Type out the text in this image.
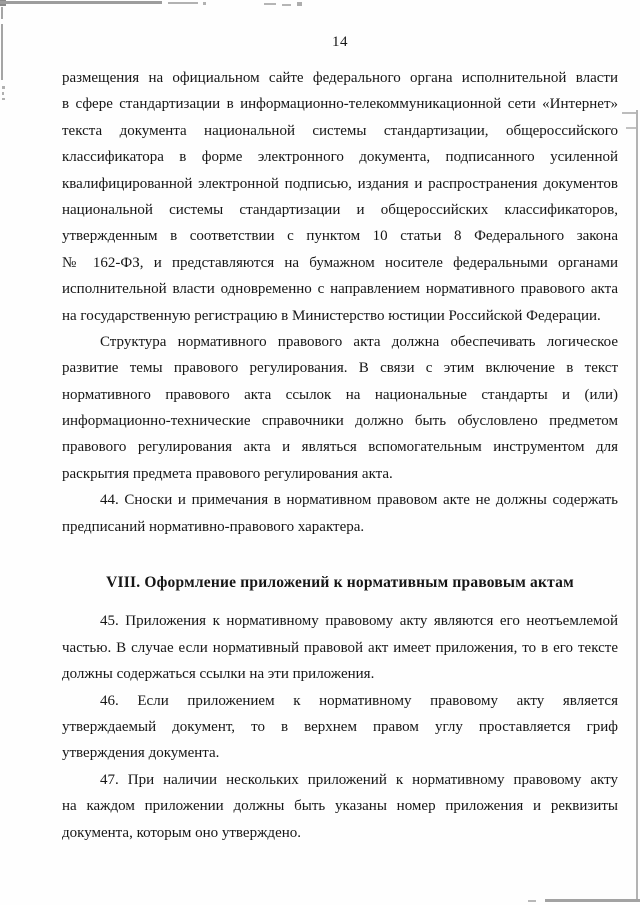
14
размещения на официальном сайте федерального органа исполнительной власти
в сфере стандартизации в информационно-телекоммуникационной сети «Интернет»
текста документа национальной системы стандартизации, общероссийского
классификатора в форме электронного документа, подписанного усиленной
квалифицированной электронной подписью, издания и распространения документов
национальной системы стандартизации и общероссийских классификаторов,
утвержденным в соответствии с пунктом 10 статьи 8 Федерального закона
№ 162-ФЗ, и представляются на бумажном носителе федеральными органами
исполнительной власти одновременно с направлением нормативного правового акта
на государственную регистрацию в Министерство юстиции Российской Федерации.
Структура нормативного правового акта должна обеспечивать логическое
развитие темы правового регулирования. В связи с этим включение в текст
нормативного правового акта ссылок на национальные стандарты и (или)
информационно-технические справочники должно быть обусловлено предметом
правового регулирования акта и являться вспомогательным инструментом для
раскрытия предмета правового регулирования акта.
44. Сноски и примечания в нормативном правовом акте не должны содержать
предписаний нормативно-правового характера.
VIII. Оформление приложений к нормативным правовым актам
45. Приложения к нормативному правовому акту являются его неотъемлемой
частью. В случае если нормативный правовой акт имеет приложения, то в его тексте
должны содержаться ссылки на эти приложения.
46. Если приложением к нормативному правовому акту является
утверждаемый документ, то в верхнем правом углу проставляется гриф
утверждения документа.
47. При наличии нескольких приложений к нормативному правовому акту
на каждом приложении должны быть указаны номер приложения и реквизиты
документа, которым оно утверждено.
